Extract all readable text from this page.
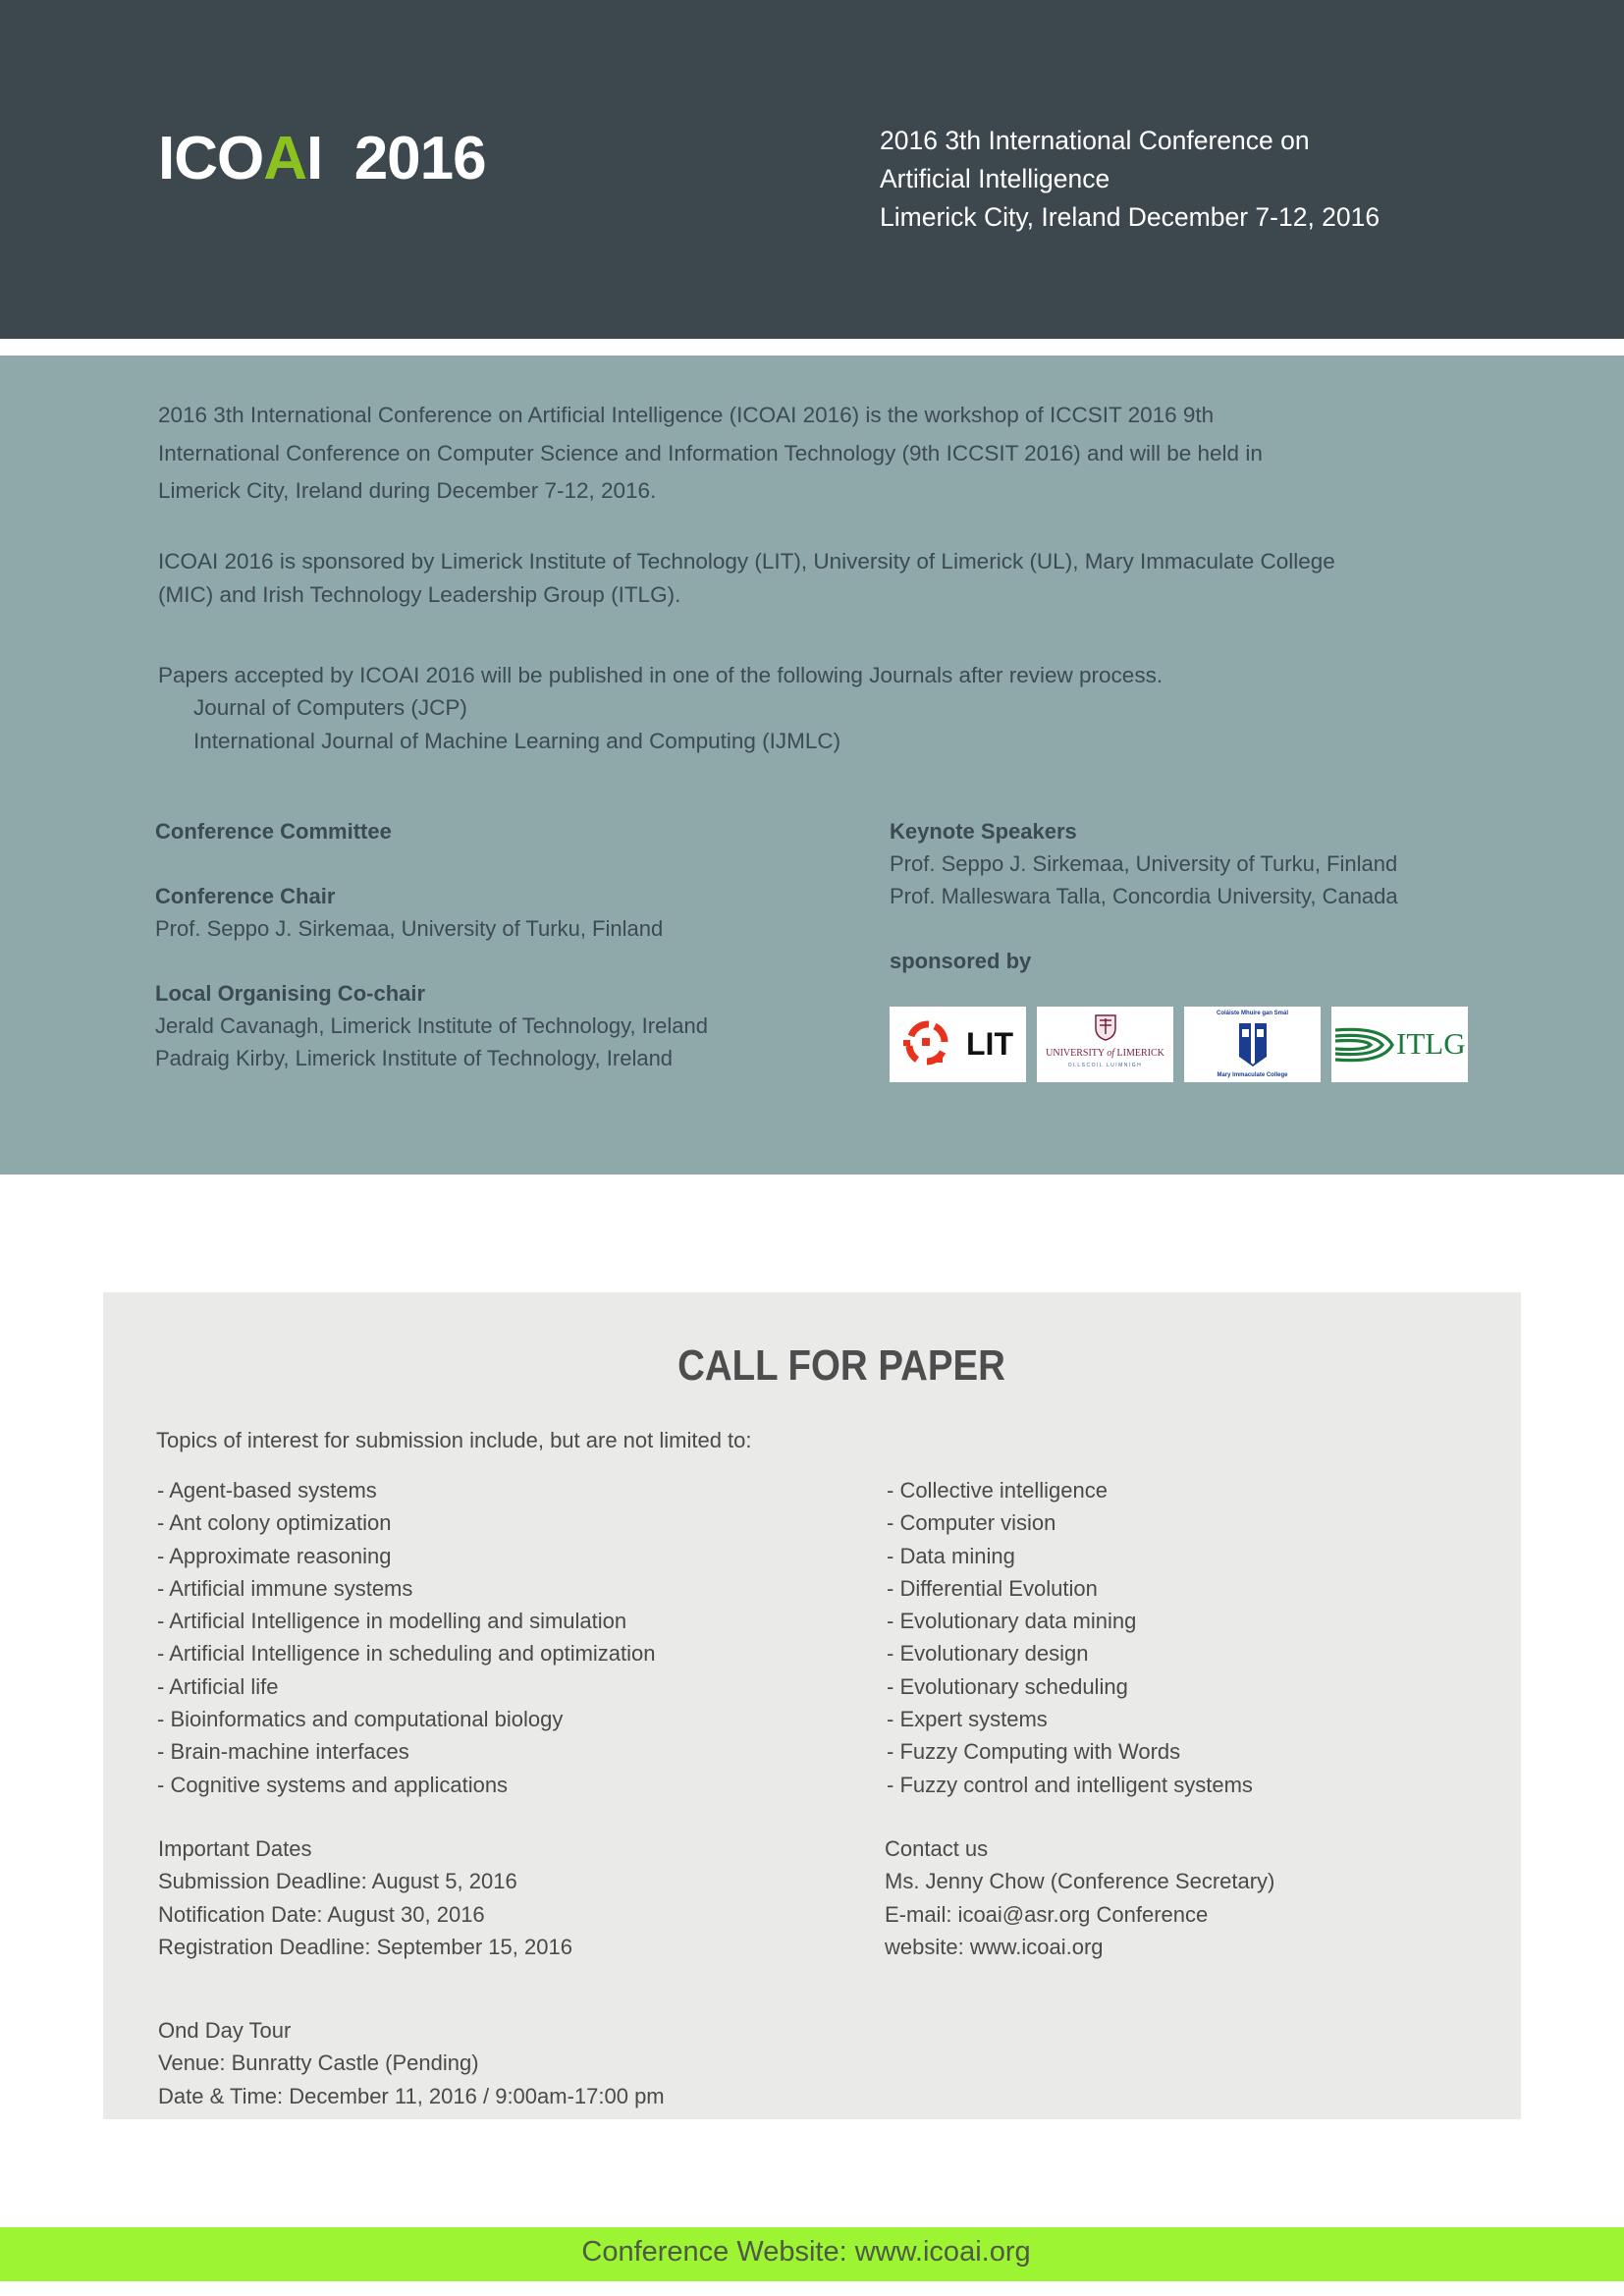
ICOAI  2016	2016 3th International Conference on
Artificial Intelligence
Limerick City, Ireland December 7-12, 2016
2016 3th International Conference on Artificial Intelligence (ICOAI 2016) is the workshop of ICCSIT 2016 9th
International Conference on Computer Science and Information Technology (9th ICCSIT 2016) and will be held in
Limerick City, Ireland during December 7-12, 2016.
ICOAI 2016 is sponsored by Limerick Institute of Technology (LIT), University of Limerick (UL), Mary Immaculate College
(MIC) and Irish Technology Leadership Group (ITLG).
Papers accepted by ICOAI 2016 will be published in one of the following Journals after review process.
Journal of Computers (JCP)
International Journal of Machine Learning and Computing (IJMLC)
Conference Committee
Conference Chair
Prof. Seppo J. Sirkemaa, University of Turku, Finland
Local Organising Co-chair
Jerald Cavanagh, Limerick Institute of Technology, Ireland
Padraig Kirby, Limerick Institute of Technology, Ireland
Keynote Speakers
Prof. Seppo J. Sirkemaa, University of Turku, Finland
Prof. Malleswara Talla, Concordia University, Canada
sponsored by
LIT	UNIVERSITY of LIMERICK
OLLSCOIL LUIMNIGH
Coláiste Mhuire gan Smál
Mary Immaculate College
ITLG
CALL FOR PAPER
Topics of interest for submission include, but are not limited to:
- Agent-based systems
- Ant colony optimization
- Approximate reasoning
- Artificial immune systems
- Artificial Intelligence in modelling and simulation
- Artificial Intelligence in scheduling and optimization
- Artificial life
- Bioinformatics and computational biology
- Brain-machine interfaces
- Cognitive systems and applications
- Collective intelligence
- Computer vision
- Data mining
- Differential Evolution
- Evolutionary data mining
- Evolutionary design
- Evolutionary scheduling
- Expert systems
- Fuzzy Computing with Words
- Fuzzy control and intelligent systems
Important Dates
Submission Deadline: August 5, 2016
Notification Date: August 30, 2016
Registration Deadline: September 15, 2016
Contact us
Ms. Jenny Chow (Conference Secretary)
E-mail: icoai@asr.org Conference
website: www.icoai.org
Ond Day Tour
Venue: Bunratty Castle (Pending)
Date & Time: December 11, 2016 / 9:00am-17:00 pm
Conference Website: www.icoai.org
